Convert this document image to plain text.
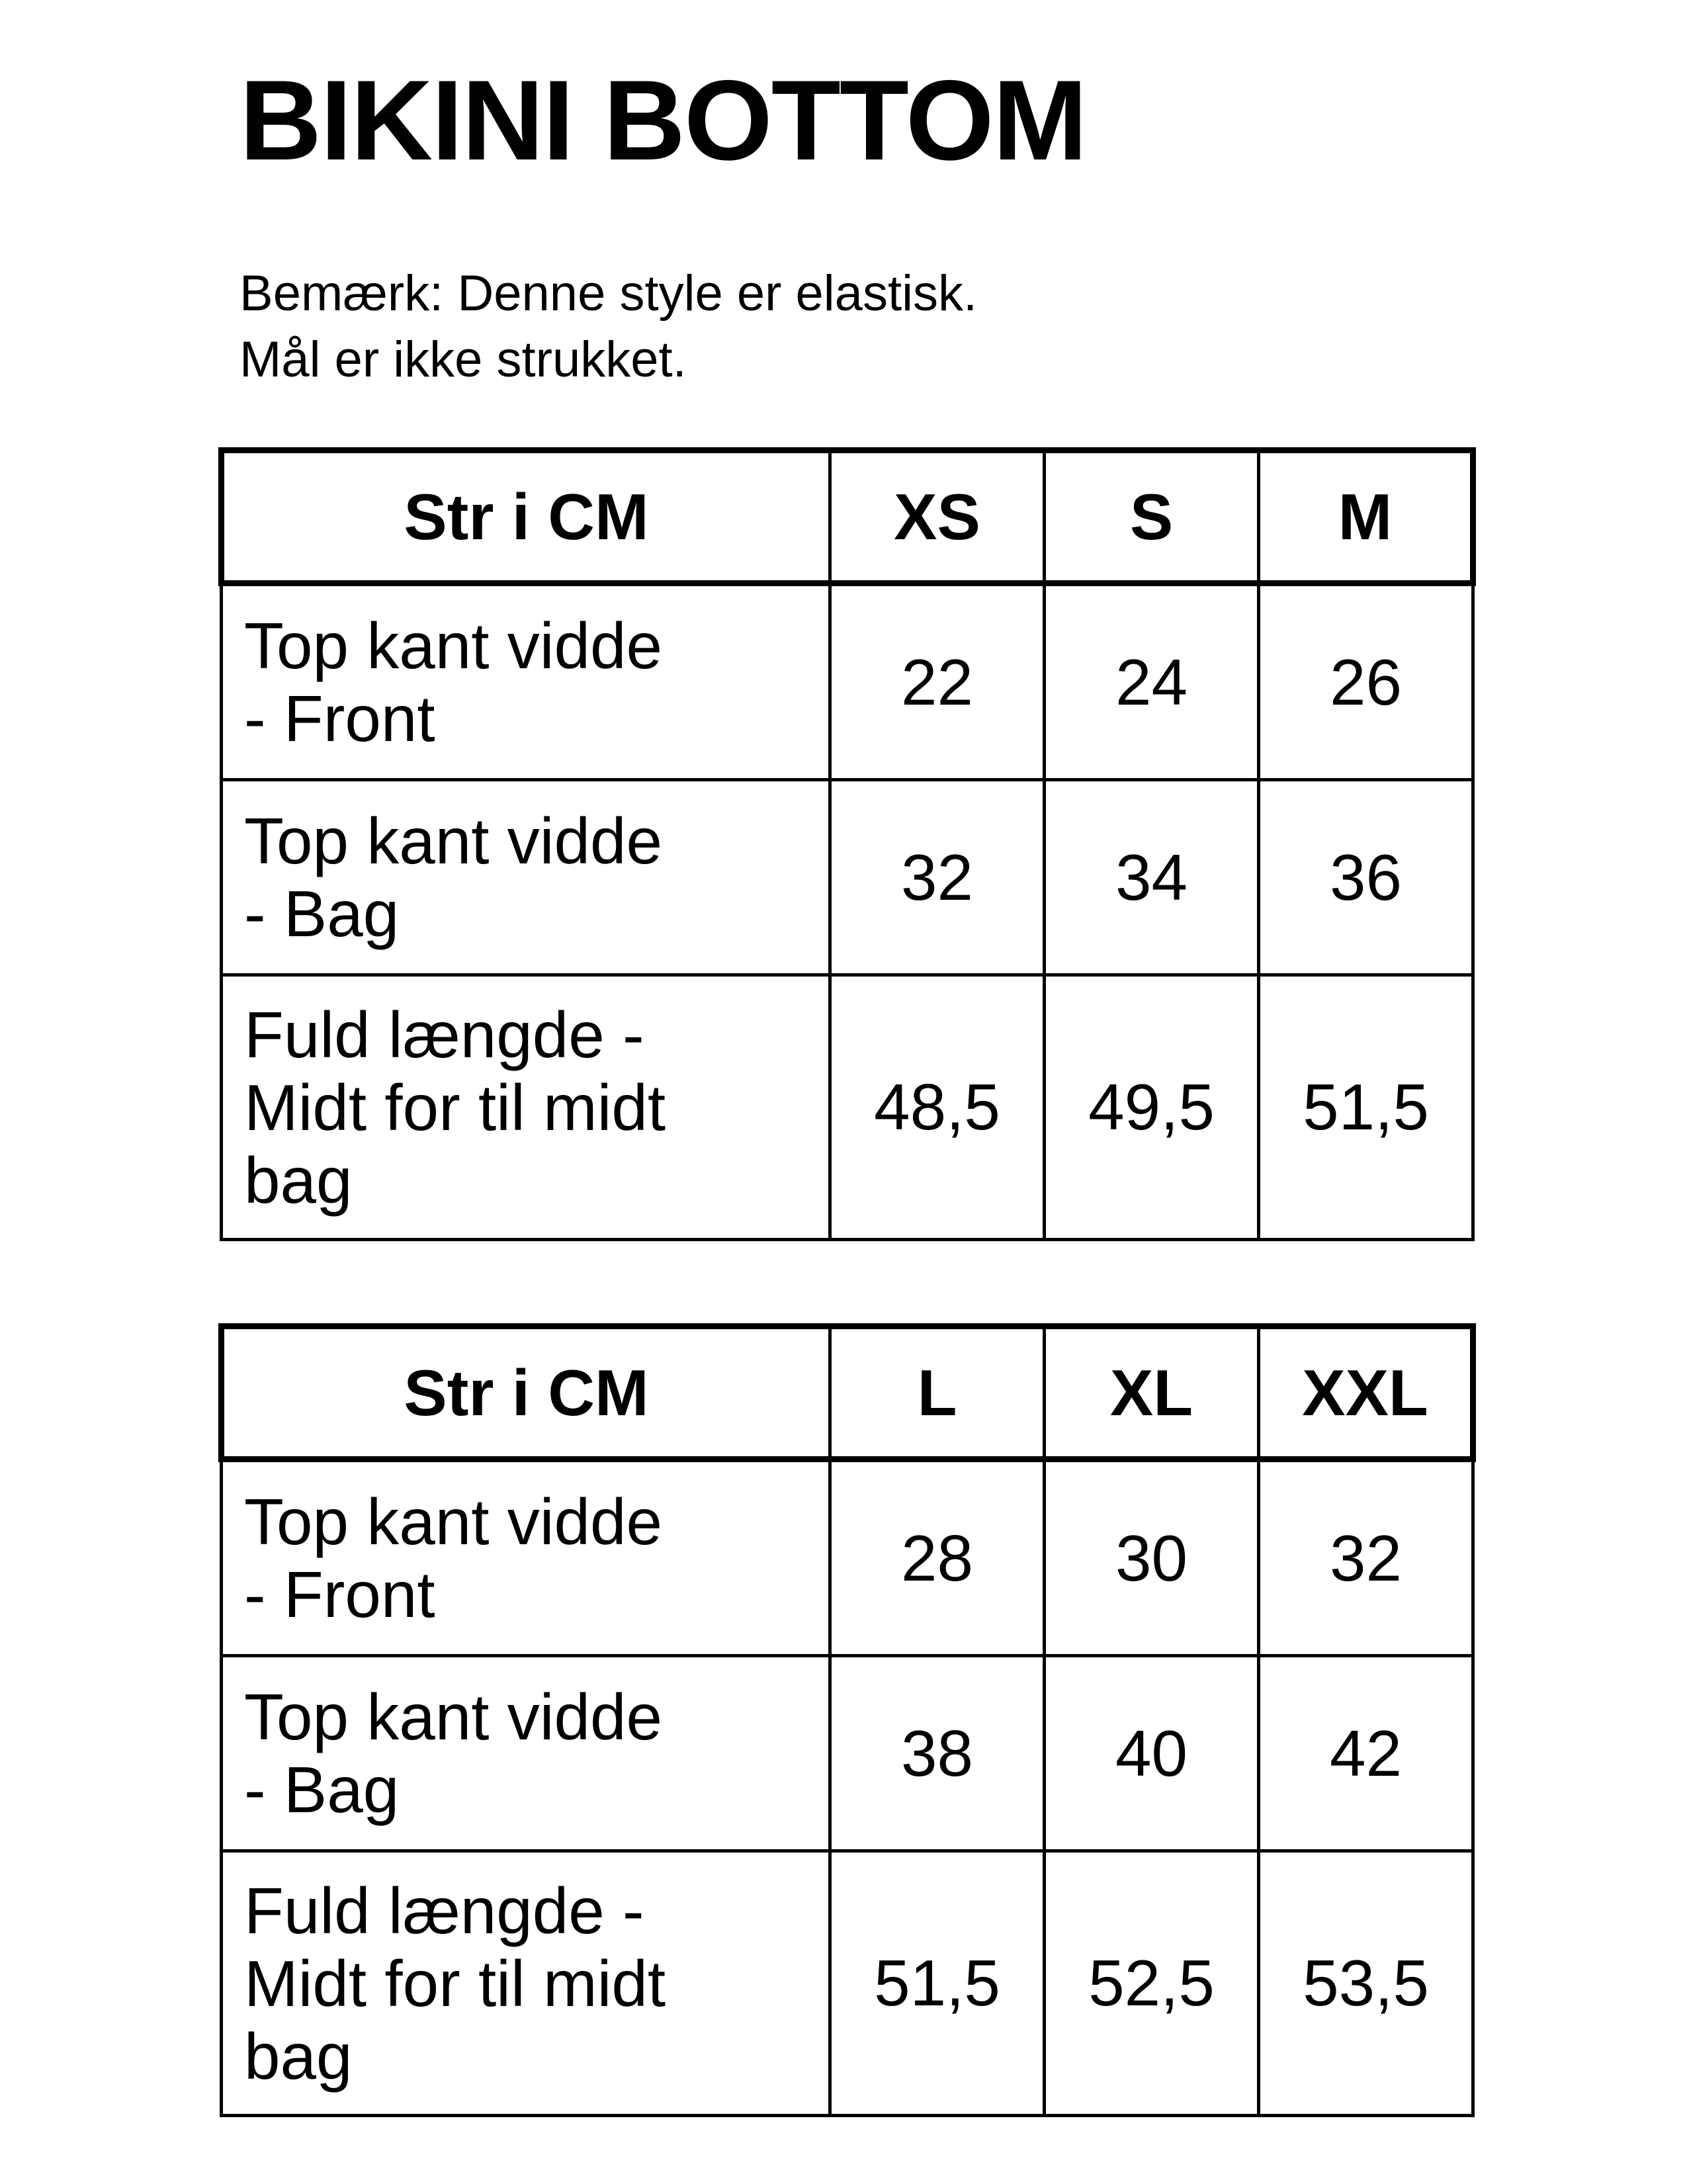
BIKINI BOTTOM
Bemærk: Denne style er elastisk.
Mål er ikke strukket.
Str i CM	XS	S	M

Top kant vidde
- Front	22	24	26

Top kant vidde
- Bag	32	34	36

Fuld længde -
Midt for til midt
bag	48,5	49,5	51,5
Str i CM	L	XL	XXL

Top kant vidde
- Front	28	30	32

Top kant vidde
- Bag	38	40	42

Fuld længde -
Midt for til midt
bag	51,5	52,5	53,5
